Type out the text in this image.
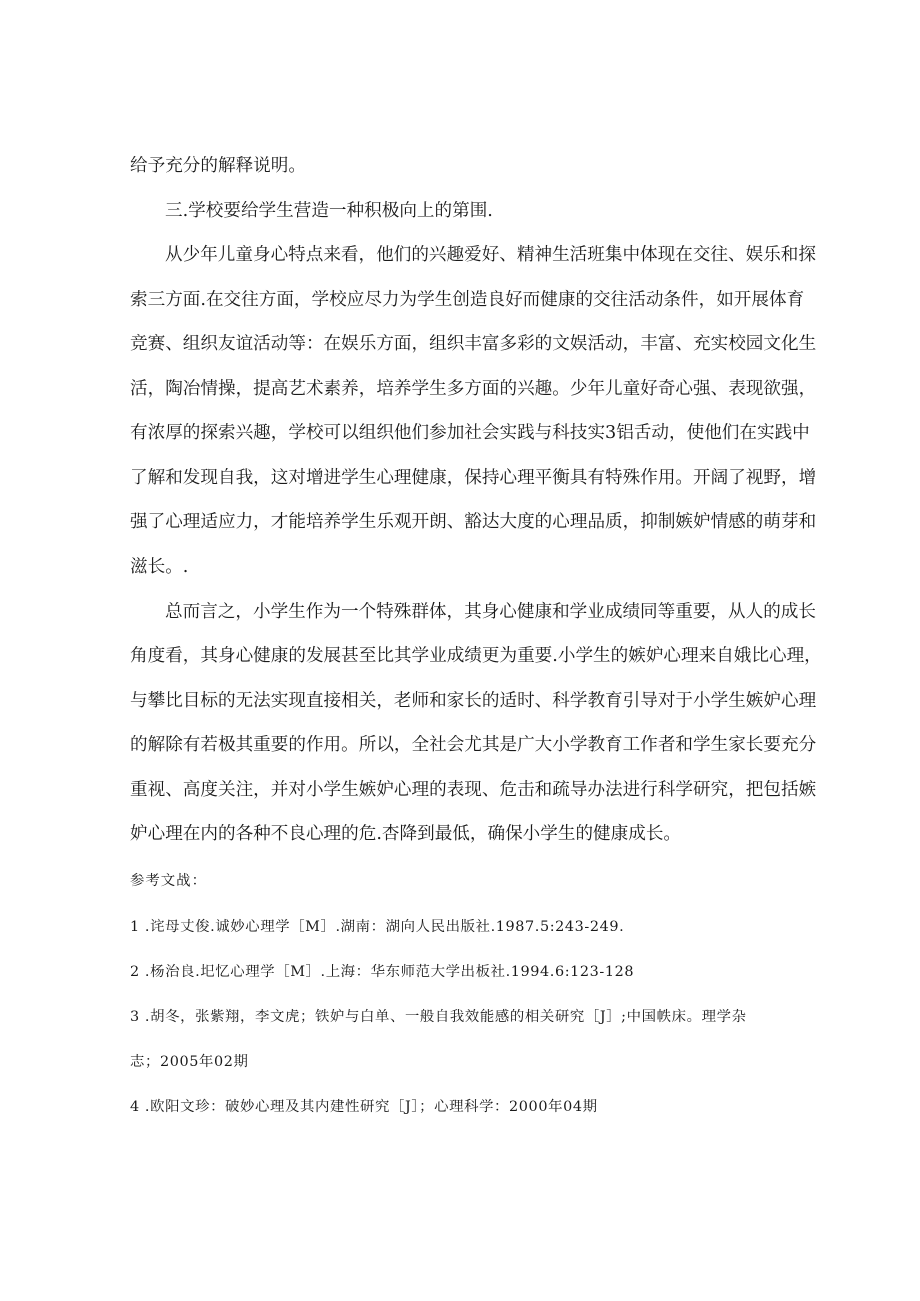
给予充分的解释说明。

三.学校要给学生营造一种积极向上的第围.

从少年儿童身心特点来看，他们的兴趣爱好、精神生活班集中体现在交往、娱乐和探

索三方面.在交往方面，学校应尽力为学生创造良好而健康的交往活动条件，如开展体育

竞赛、组织友谊活动等：在娱乐方面，组织丰富多彩的文娱活动，丰富、充实校园文化生

活，陶冶情操，提高艺术素养，培养学生多方面的兴趣。少年儿童好奇心强、表现欲强，

有浓厚的探索兴趣，学校可以组织他们参加社会实践与科技实3铝舌动，使他们在实践中

了解和发现自我，这对增进学生心理健康，保持心理平衡具有特殊作用。开阔了视野，增

强了心理适应力，才能培养学生乐观开朗、豁达大度的心理品质，抑制嫉妒情感的萌芽和

滋长。.

总而言之，小学生作为一个特殊群体，其身心健康和学业成绩同等重要，从人的成长

角度看，其身心健康的发展甚至比其学业成绩更为重要.小学生的嫉妒心理来自娥比心理，

与攀比目标的无法实现直接相关，老师和家长的适时、科学教育引导对于小学生嫉妒心理

的解除有若极其重要的作用。所以，全社会尤其是广大小学教育工作者和学生家长要充分

重视、高度关注，并对小学生嫉妒心理的表现、危击和疏导办法进行科学研究，把包括嫉

妒心理在内的各种不良心理的危.杏降到最低，确保小学生的健康成长。

参考文战：

1 .诧母丈俊.诚妙心理学［M］.湖南：湖向人民出版社.1987.5:243-249.

2 .杨治良.圯忆心理学［M］.上海：华东师范大学出板社.1994.6:123-128

3 .胡冬，张紫翔，李文虎；铁妒与白单、一般自我效能感的相关研究［J］;中国帙床。理学杂

志；2005年02期

4 .欧阳文珍：破妙心理及其内建性研究［J］；心理科学：2000年04期
